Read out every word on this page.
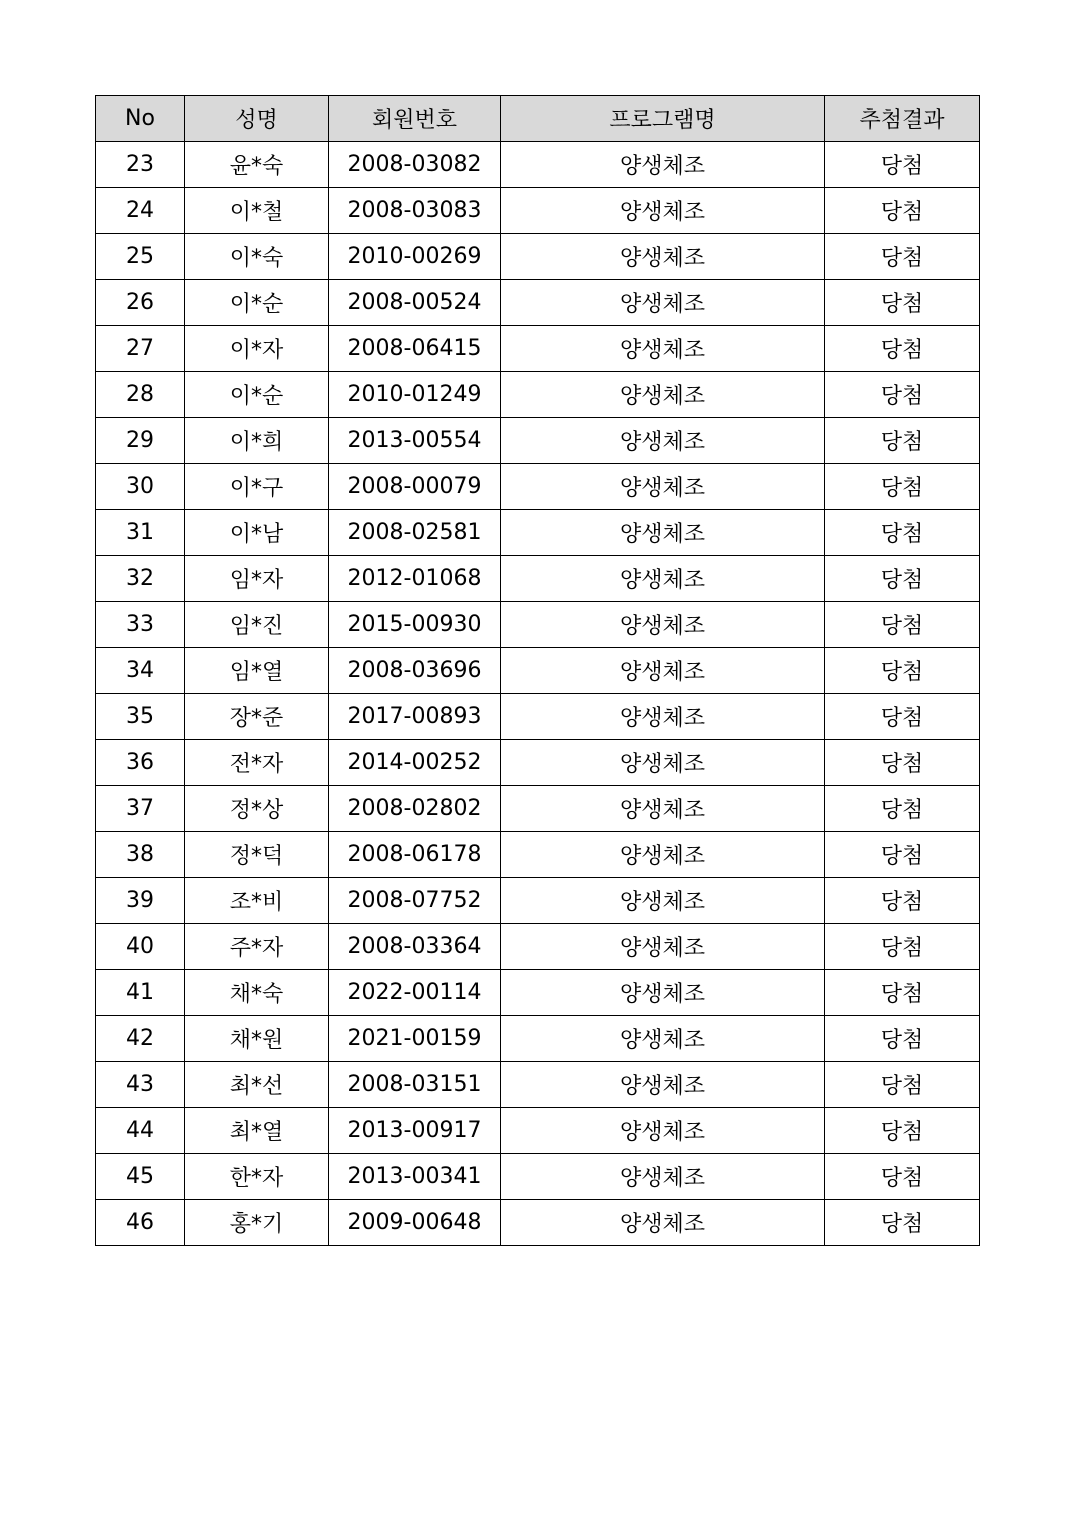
No	성명	회원번호	프로그램명	추첨결과
23	윤*숙	2008-03082	양생체조	당첨
24	이*철	2008-03083	양생체조	당첨
25	이*숙	2010-00269	양생체조	당첨
26	이*순	2008-00524	양생체조	당첨
27	이*자	2008-06415	양생체조	당첨
28	이*순	2010-01249	양생체조	당첨
29	이*희	2013-00554	양생체조	당첨
30	이*구	2008-00079	양생체조	당첨
31	이*남	2008-02581	양생체조	당첨
32	임*자	2012-01068	양생체조	당첨
33	임*진	2015-00930	양생체조	당첨
34	임*열	2008-03696	양생체조	당첨
35	장*준	2017-00893	양생체조	당첨
36	전*자	2014-00252	양생체조	당첨
37	정*상	2008-02802	양생체조	당첨
38	정*덕	2008-06178	양생체조	당첨
39	조*비	2008-07752	양생체조	당첨
40	주*자	2008-03364	양생체조	당첨
41	채*숙	2022-00114	양생체조	당첨
42	채*원	2021-00159	양생체조	당첨
43	최*선	2008-03151	양생체조	당첨
44	최*열	2013-00917	양생체조	당첨
45	한*자	2013-00341	양생체조	당첨
46	홍*기	2009-00648	양생체조	당첨
